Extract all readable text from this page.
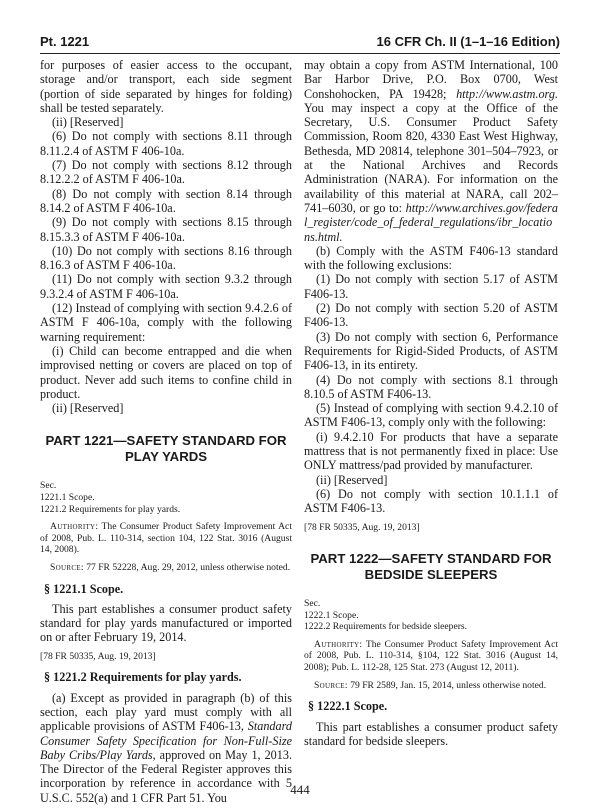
Pt. 1221	16 CFR Ch. II (1–1–16 Edition)

for purposes of easier access to the occupant, storage and/or transport, each side segment (portion of side separated by hinges for folding) shall be tested separately.

(ii) [Reserved]

(6) Do not comply with sections 8.11 through 8.11.2.4 of ASTM F 406-10a.

(7) Do not comply with sections 8.12 through 8.12.2.2 of ASTM F 406-10a.

(8) Do not comply with section 8.14 through 8.14.2 of ASTM F 406-10a.

(9) Do not comply with sections 8.15 through 8.15.3.3 of ASTM F 406-10a.

(10) Do not comply with sections 8.16 through 8.16.3 of ASTM F 406-10a.

(11) Do not comply with section 9.3.2 through 9.3.2.4 of ASTM F 406-10a.

(12) Instead of complying with section 9.4.2.6 of ASTM F 406-10a, comply with the following warning requirement:

(i) Child can become entrapped and die when improvised netting or covers are placed on top of product. Never add such items to confine child in product.

(ii) [Reserved]

PART 1221—SAFETY STANDARD FOR PLAY YARDS

Sec.

1221.1 Scope.

1221.2 Requirements for play yards.

Authority: The Consumer Product Safety Improvement Act of 2008, Pub. L. 110-314, section 104, 122 Stat. 3016 (August 14, 2008).

Source: 77 FR 52228, Aug. 29, 2012, unless otherwise noted.

§ 1221.1 Scope.

This part establishes a consumer product safety standard for play yards manufactured or imported on or after February 19, 2014.

[78 FR 50335, Aug. 19, 2013]

§ 1221.2 Requirements for play yards.

(a) Except as provided in paragraph (b) of this section, each play yard must comply with all applicable provisions of ASTM F406-13, Standard Consumer Safety Specification for Non-Full-Size Baby Cribs/Play Yards, approved on May 1, 2013. The Director of the Federal Register approves this incorporation by reference in accordance with 5 U.S.C. 552(a) and 1 CFR Part 51. You

may obtain a copy from ASTM International, 100 Bar Harbor Drive, P.O. Box 0700, West Conshohocken, PA 19428; http://www.astm.org. You may inspect a copy at the Office of the Secretary, U.S. Consumer Product Safety Commission, Room 820, 4330 East West Highway, Bethesda, MD 20814, telephone 301–504–7923, or at the National Archives and Records Administration (NARA). For information on the availability of this material at NARA, call 202–741–6030, or go to: http://www.archives.gov/federal_register/code_of_federal_regulations/ibr_locations.html.

(b) Comply with the ASTM F406-13 standard with the following exclusions:

(1) Do not comply with section 5.17 of ASTM F406-13.

(2) Do not comply with section 5.20 of ASTM F406-13.

(3) Do not comply with section 6, Performance Requirements for Rigid-Sided Products, of ASTM F406-13, in its entirety.

(4) Do not comply with sections 8.1 through 8.10.5 of ASTM F406-13.

(5) Instead of complying with section 9.4.2.10 of ASTM F406-13, comply only with the following:

(i) 9.4.2.10 For products that have a separate mattress that is not permanently fixed in place: Use ONLY mattress/pad provided by manufacturer.

(ii) [Reserved]

(6) Do not comply with section 10.1.1.1 of ASTM F406-13.

[78 FR 50335, Aug. 19, 2013]

PART 1222—SAFETY STANDARD FOR BEDSIDE SLEEPERS

Sec.

1222.1 Scope.

1222.2 Requirements for bedside sleepers.

Authority: The Consumer Product Safety Improvement Act of 2008, Pub. L. 110-314, §104, 122 Stat. 3016 (August 14, 2008); Pub. L. 112-28, 125 Stat. 273 (August 12, 2011).

Source: 79 FR 2589, Jan. 15, 2014, unless otherwise noted.

§ 1222.1 Scope.

This part establishes a consumer product safety standard for bedside sleepers.

444
